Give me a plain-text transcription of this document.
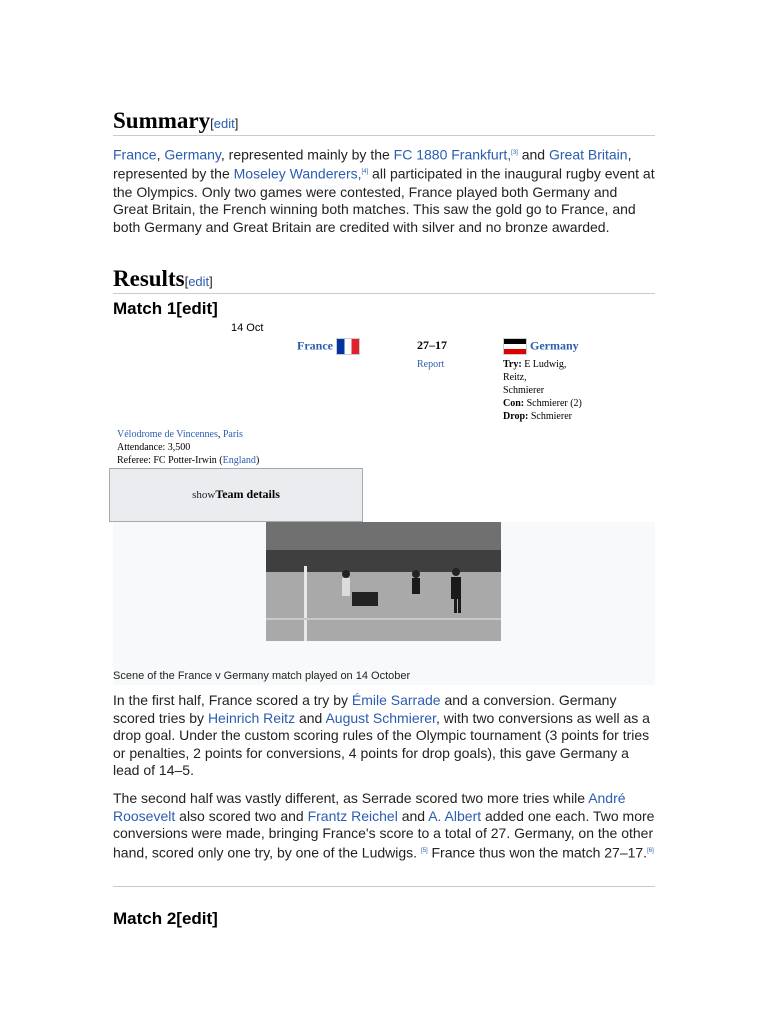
Summary[edit]

France, Germany, represented mainly by the FC 1880 Frankfurt,[3] and Great Britain, represented by the Moseley Wanderers,[4] all participated in the inaugural rugby event at the Olympics. Only two games were contested, France played both Germany and Great Britain, the French winning both matches. This saw the gold go to France, and both Germany and Great Britain are credited with silver and no bronze awarded.

Results[edit]
Match 1[edit]
14 Oct
France	27–17
Report
Germany
Try: E Ludwig,
Reitz,
Schmierer
Con: Schmierer (2)
Drop: Schmierer
Vélodrome de Vincennes, Paris
Attendance: 3,500
Referee: FC Potter-Irwin (England)
showTeam details
Scene of the France v Germany match played on 14 October

In the first half, France scored a try by Émile Sarrade and a conversion. Germany scored tries by Heinrich Reitz and August Schmierer, with two conversions as well as a drop goal. Under the custom scoring rules of the Olympic tournament (3 points for tries or penalties, 2 points for conversions, 4 points for drop goals), this gave Germany a lead of 14–5.

The second half was vastly different, as Serrade scored two more tries while André Roosevelt also scored two and Frantz Reichel and A. Albert added one each. Two more conversions were made, bringing France's score to a total of 27. Germany, on the other hand, scored only one try, by one of the Ludwigs. [5] France thus won the match 27–17.[6]

Match 2[edit]
